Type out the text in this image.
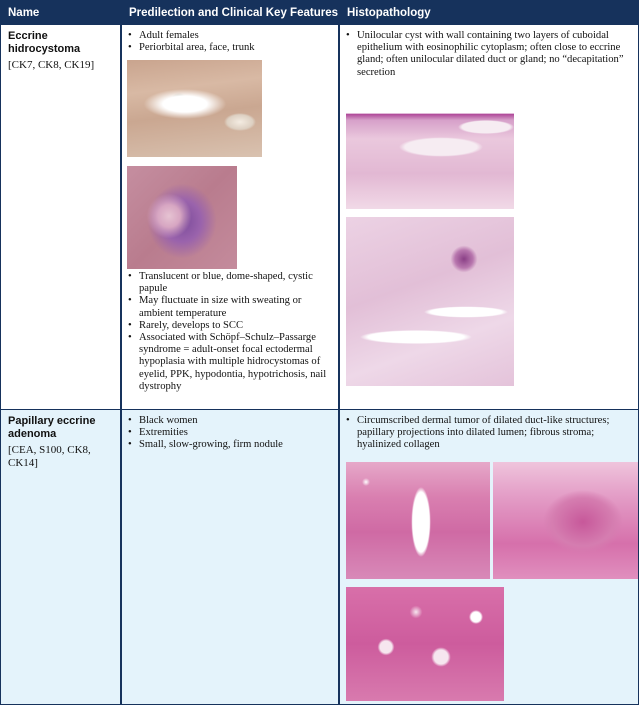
Name	Predilection and Clinical Key Features Histopathology
Eccrine hidrocystoma
[CK7, CK8, CK19]
• Adult females
• Periorbital area, face, trunk
• Translucent or blue, dome-shaped, cystic papule
• May fluctuate in size with sweating or ambient temperature
• Rarely, develops to SCC
• Associated with Schöpf–Schulz–Passarge syndrome = adult-onset focal ectodermal hypoplasia with multiple hidrocystomas of eyelid, PPK, hypodontia, hypotrichosis, nail dystrophy
• Unilocular cyst with wall containing two layers of cuboidal epithelium with eosinophilic cytoplasm; often close to eccrine gland; often unilocular dilated duct or gland; no “decapitation” secretion
Papillary eccrine adenoma
[CEA, S100, CK8, CK14]
• Black women
• Extremities
• Small, slow-growing, firm nodule
• Circumscribed dermal tumor of dilated duct-like structures; papillary projections into dilated lumen; fibrous stroma; hyalinized collagen
